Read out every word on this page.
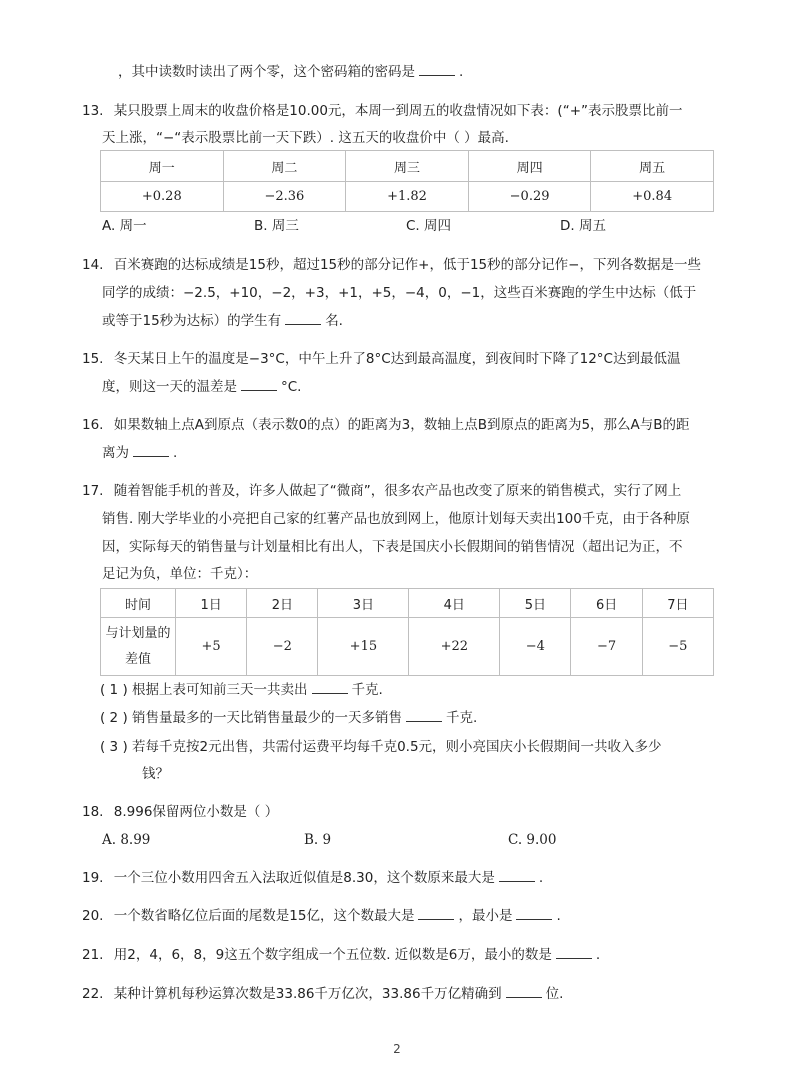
，其中读数时读出了两个零，这个密码箱的密码是	.
13. 某只股票上周末的收盘价格是10.00元，本周一到周五的收盘情况如下表：(“+”表示股票比前一
天上涨，“−“表示股票比前一天下跌）. 这五天的收盘价中（ ）最高.
周一	周二	周三	周四	周五
+0.28	−2.36	+1.82	−0.29	+0.84
A. 周一	B. 周三	C. 周四	D. 周五
14. 百米赛跑的达标成绩是15秒，超过15秒的部分记作+，低于15秒的部分记作−，下列各数据是一些
同学的成绩：−2.5，+10，−2，+3，+1，+5，−4，0，−1，这些百米赛跑的学生中达标（低于
或等于15秒为达标）的学生有	名.
15. 冬天某日上午的温度是−3°C，中午上升了8°C达到最高温度，到夜间时下降了12°C达到最低温
度，则这一天的温差是	°C.
16. 如果数轴上点A到原点（表示数0的点）的距离为3，数轴上点B到原点的距离为5，那么A与B的距
离为	.
17. 随着智能手机的普及，许多人做起了“微商”，很多农产品也改变了原来的销售模式，实行了网上
销售. 刚大学毕业的小亮把自己家的红薯产品也放到网上，他原计划每天卖出100千克，由于各种原
因，实际每天的销售量与计划量相比有出人，下表是国庆小长假期间的销售情况（超出记为正，不
足记为负，单位：千克）：
时间	1日	2日	3日	4日	5日	6日	7日
与计划量的
差值	+5	−2	+15	+22	−4	−7	−5
( 1 ) 根据上表可知前三天一共卖出	千克.
( 2 ) 销售量最多的一天比销售量最少的一天多销售	千克.
( 3 ) 若每千克按2元出售，共需付运费平均每千克0.5元，则小亮国庆小长假期间一共收入多少
钱？
18. 8.996保留两位小数是（ ）
A. 8.99	B. 9	C. 9.00
19. 一个三位小数用四舍五入法取近似值是8.30，这个数原来最大是	.
20. 一个数省略亿位后面的尾数是15亿，这个数最大是	，最小是	.
21. 用2，4，6，8，9这五个数字组成一个五位数. 近似数是6万，最小的数是	.
22. 某种计算机每秒运算次数是33.86千万亿次，33.86千万亿精确到	位.
2
